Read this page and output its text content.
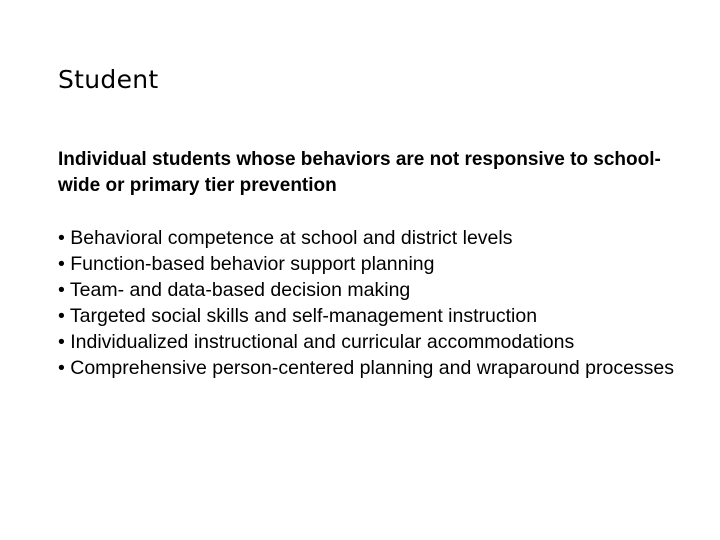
Student

Individual students whose behaviors are not responsive to school-wide or primary tier prevention

• Behavioral competence at school and district levels
• Function-based behavior support planning
• Team- and data-based decision making
• Targeted social skills and self-management instruction
• Individualized instructional and curricular accommodations
• Comprehensive person-centered planning and wraparound processes
